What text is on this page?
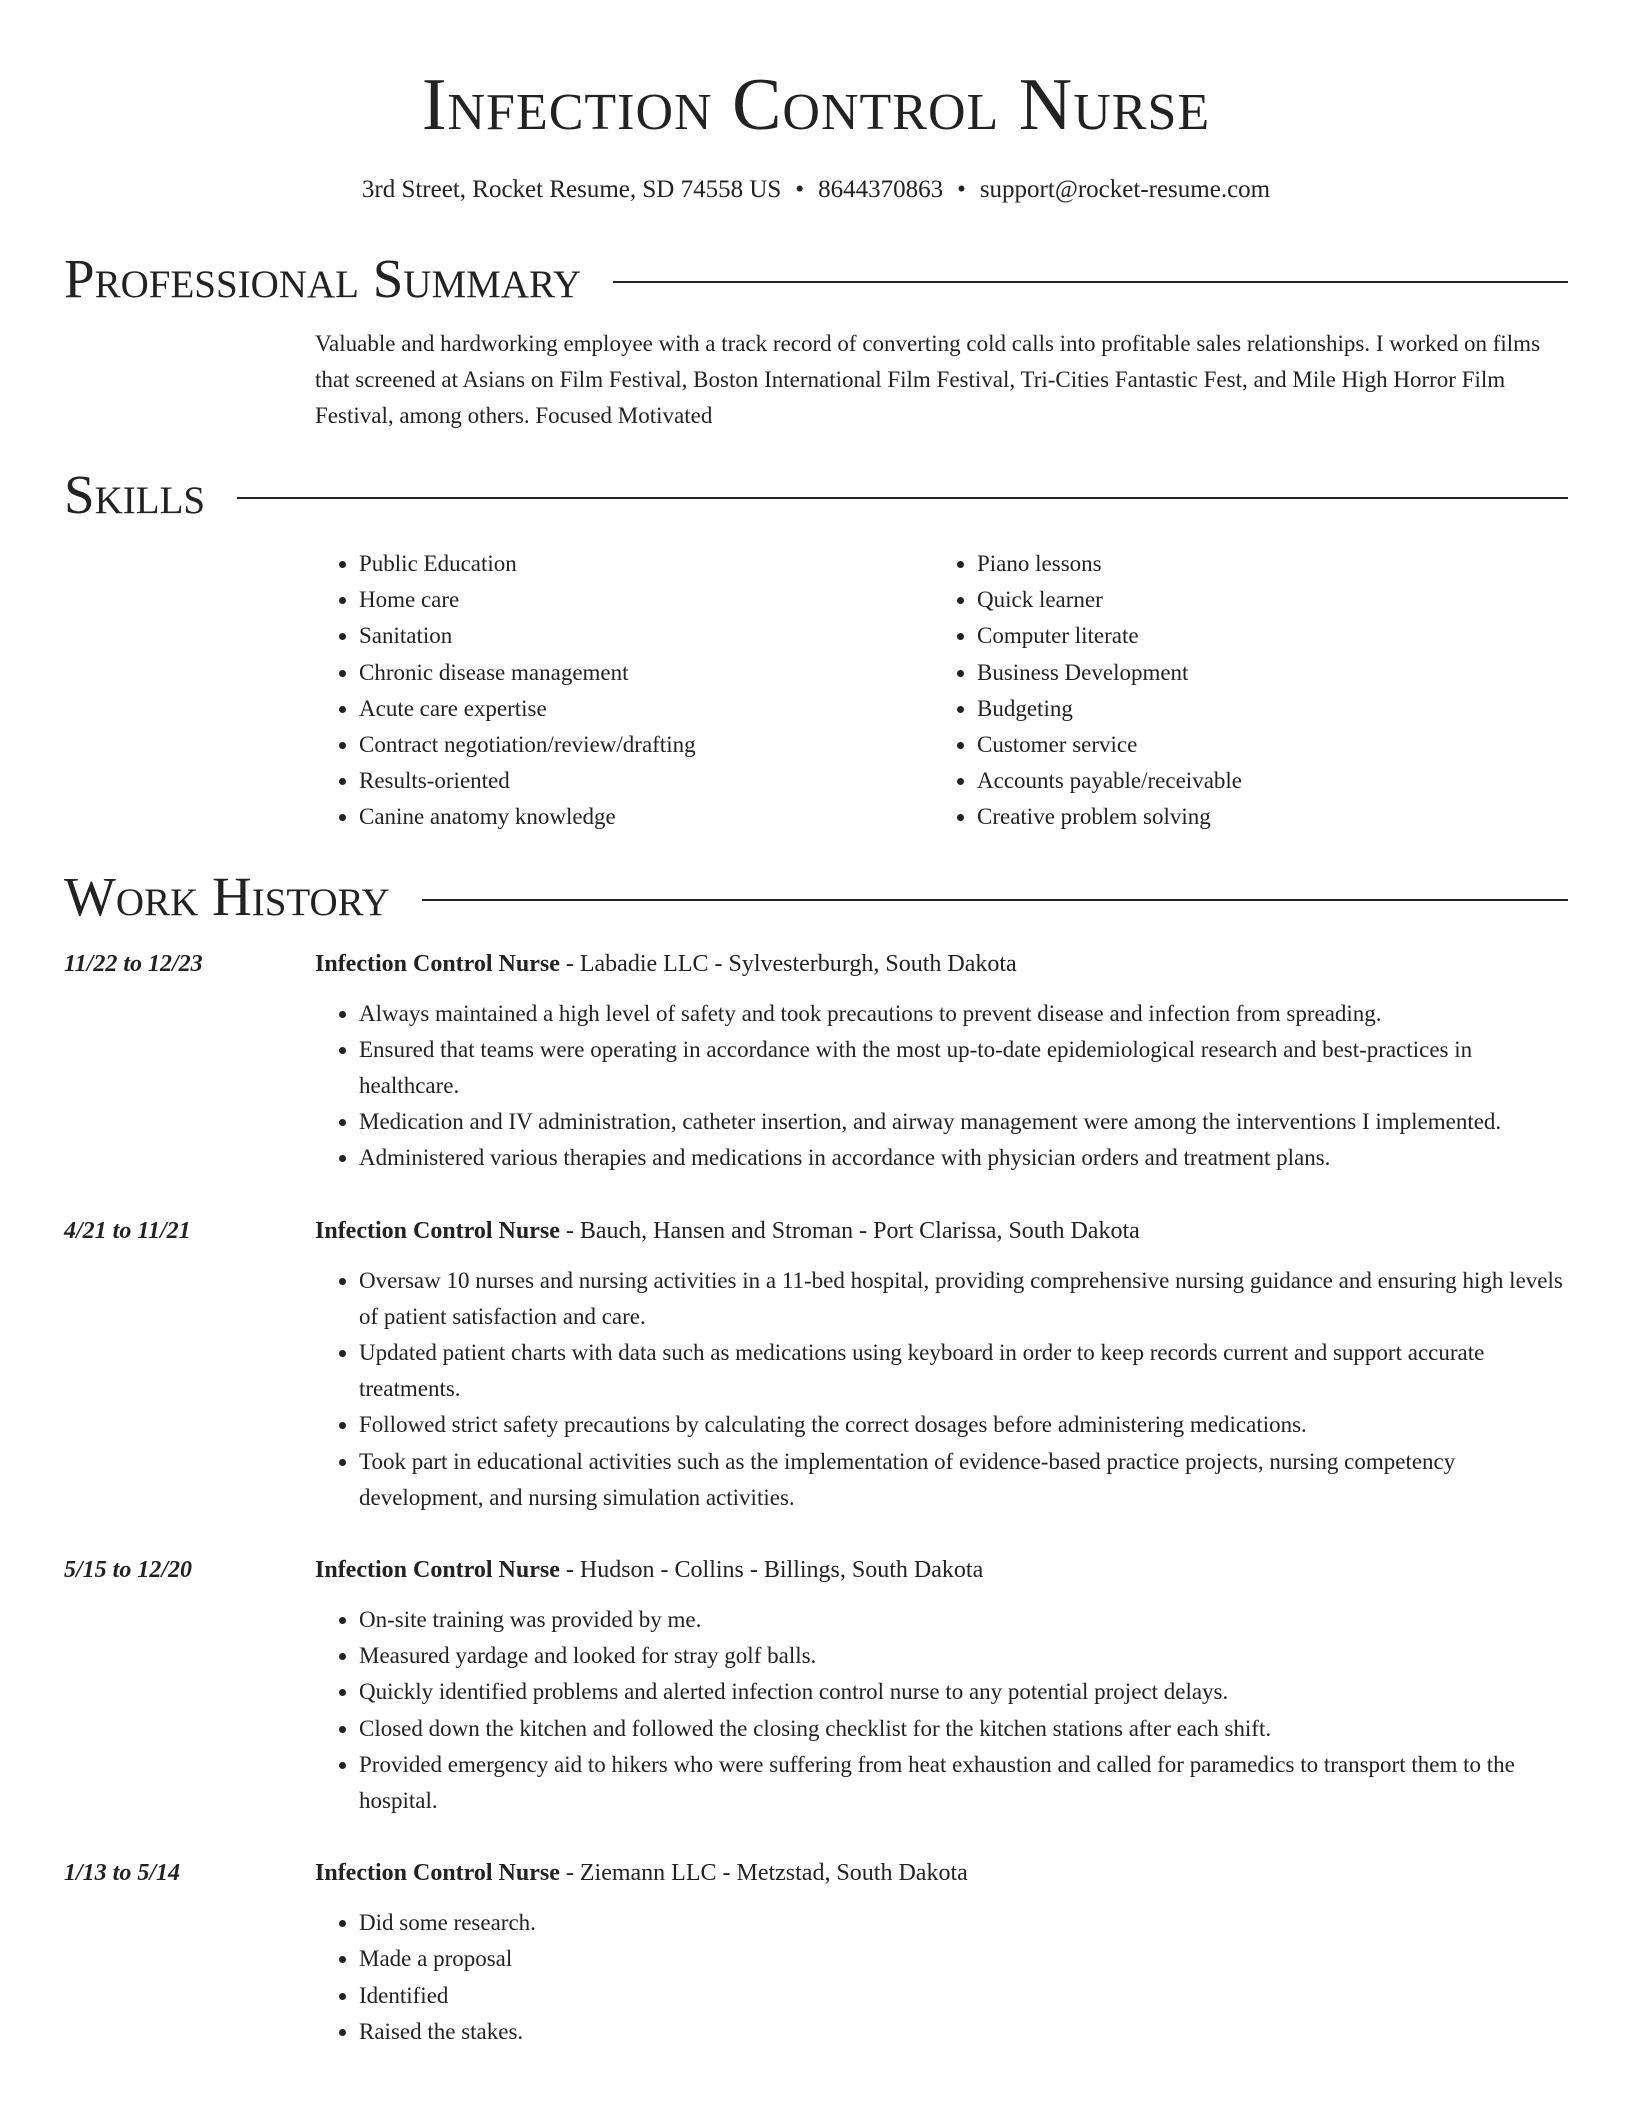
Infection Control Nurse
3rd Street, Rocket Resume, SD 74558 US • 8644370863 • support@rocket-resume.com
Professional Summary
Valuable and hardworking employee with a track record of converting cold calls into profitable sales relationships. I worked on films that screened at Asians on Film Festival, Boston International Film Festival, Tri-Cities Fantastic Fest, and Mile High Horror Film Festival, among others. Focused Motivated
Skills
• Public Education
• Home care
• Sanitation
• Chronic disease management
• Acute care expertise
• Contract negotiation/review/drafting
• Results-oriented
• Canine anatomy knowledge
• Piano lessons
• Quick learner
• Computer literate
• Business Development
• Budgeting
• Customer service
• Accounts payable/receivable
• Creative problem solving
Work History
11/22 to 12/23	Infection Control Nurse - Labadie LLC - Sylvesterburgh, South Dakota
• Always maintained a high level of safety and took precautions to prevent disease and infection from spreading.
• Ensured that teams were operating in accordance with the most up-to-date epidemiological research and best-practices in healthcare.
• Medication and IV administration, catheter insertion, and airway management were among the interventions I implemented.
• Administered various therapies and medications in accordance with physician orders and treatment plans.
4/21 to 11/21	Infection Control Nurse - Bauch, Hansen and Stroman - Port Clarissa, South Dakota
• Oversaw 10 nurses and nursing activities in a 11-bed hospital, providing comprehensive nursing guidance and ensuring high levels of patient satisfaction and care.
• Updated patient charts with data such as medications using keyboard in order to keep records current and support accurate treatments.
• Followed strict safety precautions by calculating the correct dosages before administering medications.
• Took part in educational activities such as the implementation of evidence-based practice projects, nursing competency development, and nursing simulation activities.
5/15 to 12/20	Infection Control Nurse - Hudson - Collins - Billings, South Dakota
• On-site training was provided by me.
• Measured yardage and looked for stray golf balls.
• Quickly identified problems and alerted infection control nurse to any potential project delays.
• Closed down the kitchen and followed the closing checklist for the kitchen stations after each shift.
• Provided emergency aid to hikers who were suffering from heat exhaustion and called for paramedics to transport them to the hospital.
1/13 to 5/14	Infection Control Nurse - Ziemann LLC - Metzstad, South Dakota
• Did some research.
• Made a proposal
• Identified
• Raised the stakes.
